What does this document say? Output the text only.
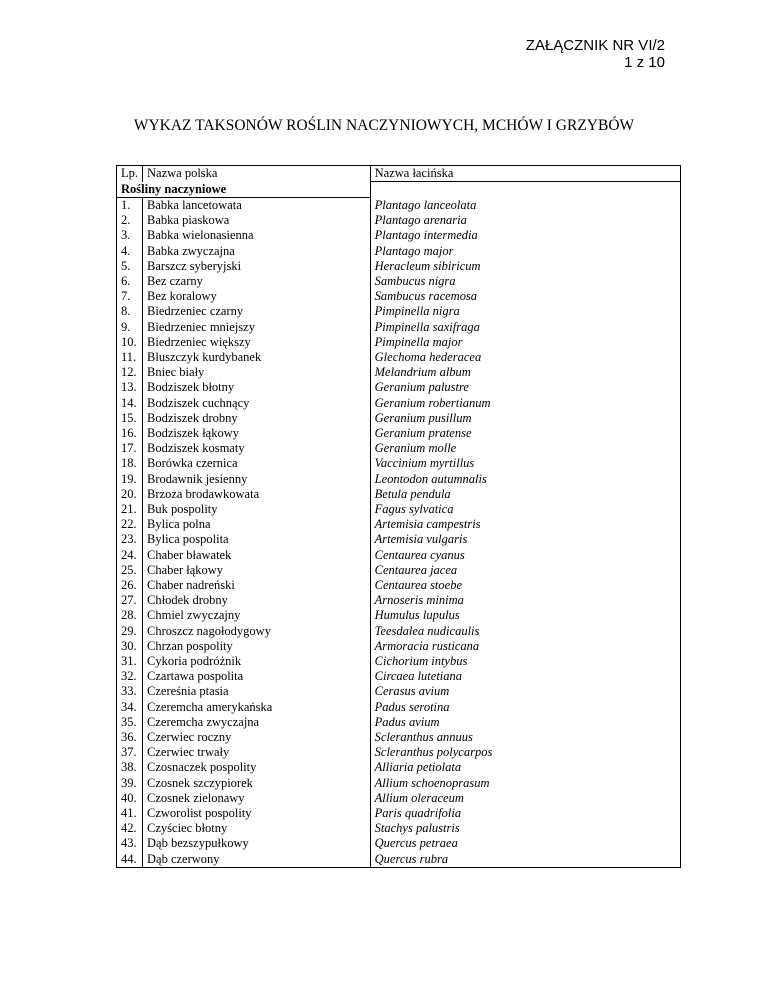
ZAŁĄCZNIK NR VI/2
1 z 10
WYKAZ TAKSONÓW ROŚLIN NACZYNIOWYCH, MCHÓW I GRZYBÓW
Lp.	Nazwa polska	Nazwa łacińska
Rośliny naczyniowe		
1.	Babka lancetowata	Plantago lanceolata
2.	Babka piaskowa	Plantago arenaria
3.	Babka wielonasienna	Plantago intermedia
4.	Babka zwyczajna	Plantago major
5.	Barszcz syberyjski	Heracleum sibiricum
6.	Bez czarny	Sambucus nigra
7.	Bez koralowy	Sambucus racemosa
8.	Biedrzeniec czarny	Pimpinella nigra
9.	Biedrzeniec mniejszy	Pimpinella saxifraga
10.	Biedrzeniec większy	Pimpinella major
11.	Bluszczyk kurdybanek	Glechoma hederacea
12.	Bniec biały	Melandrium album
13.	Bodziszek błotny	Geranium palustre
14.	Bodziszek cuchnący	Geranium robertianum
15.	Bodziszek drobny	Geranium pusillum
16.	Bodziszek łąkowy	Geranium pratense
17.	Bodziszek kosmaty	Geranium molle
18.	Borówka czernica	Vaccinium myrtillus
19.	Brodawnik jesienny	Leontodon autumnalis
20.	Brzoza brodawkowata	Betula pendula
21.	Buk pospolity	Fagus sylvatica
22.	Bylica polna	Artemisia campestris
23.	Bylica pospolita	Artemisia vulgaris
24.	Chaber bławatek	Centaurea cyanus
25.	Chaber łąkowy	Centaurea jacea
26.	Chaber nadreński	Centaurea stoebe
27.	Chłodek drobny	Arnoseris minima
28.	Chmiel zwyczajny	Humulus lupulus
29.	Chroszcz nagołodygowy	Teesdalea nudicaulis
30.	Chrzan pospolity	Armoracia rusticana
31.	Cykoria podróżnik	Cichorium intybus
32.	Czartawa pospolita	Circaea lutetiana
33.	Czereśnia ptasia	Cerasus avium
34.	Czeremcha amerykańska	Padus serotina
35.	Czeremcha zwyczajna	Padus avium
36.	Czerwiec roczny	Scleranthus annuus
37.	Czerwiec trwały	Scleranthus polycarpos
38.	Czosnaczek pospolity	Alliaria petiolata
39.	Czosnek szczypiorek	Allium schoenoprasum
40.	Czosnek zielonawy	Allium oleraceum
41.	Czworolist pospolity	Paris quadrifolia
42.	Czyściec błotny	Stachys palustris
43.	Dąb bezszypułkowy	Quercus petraea
44.	Dąb czerwony	Quercus rubra
